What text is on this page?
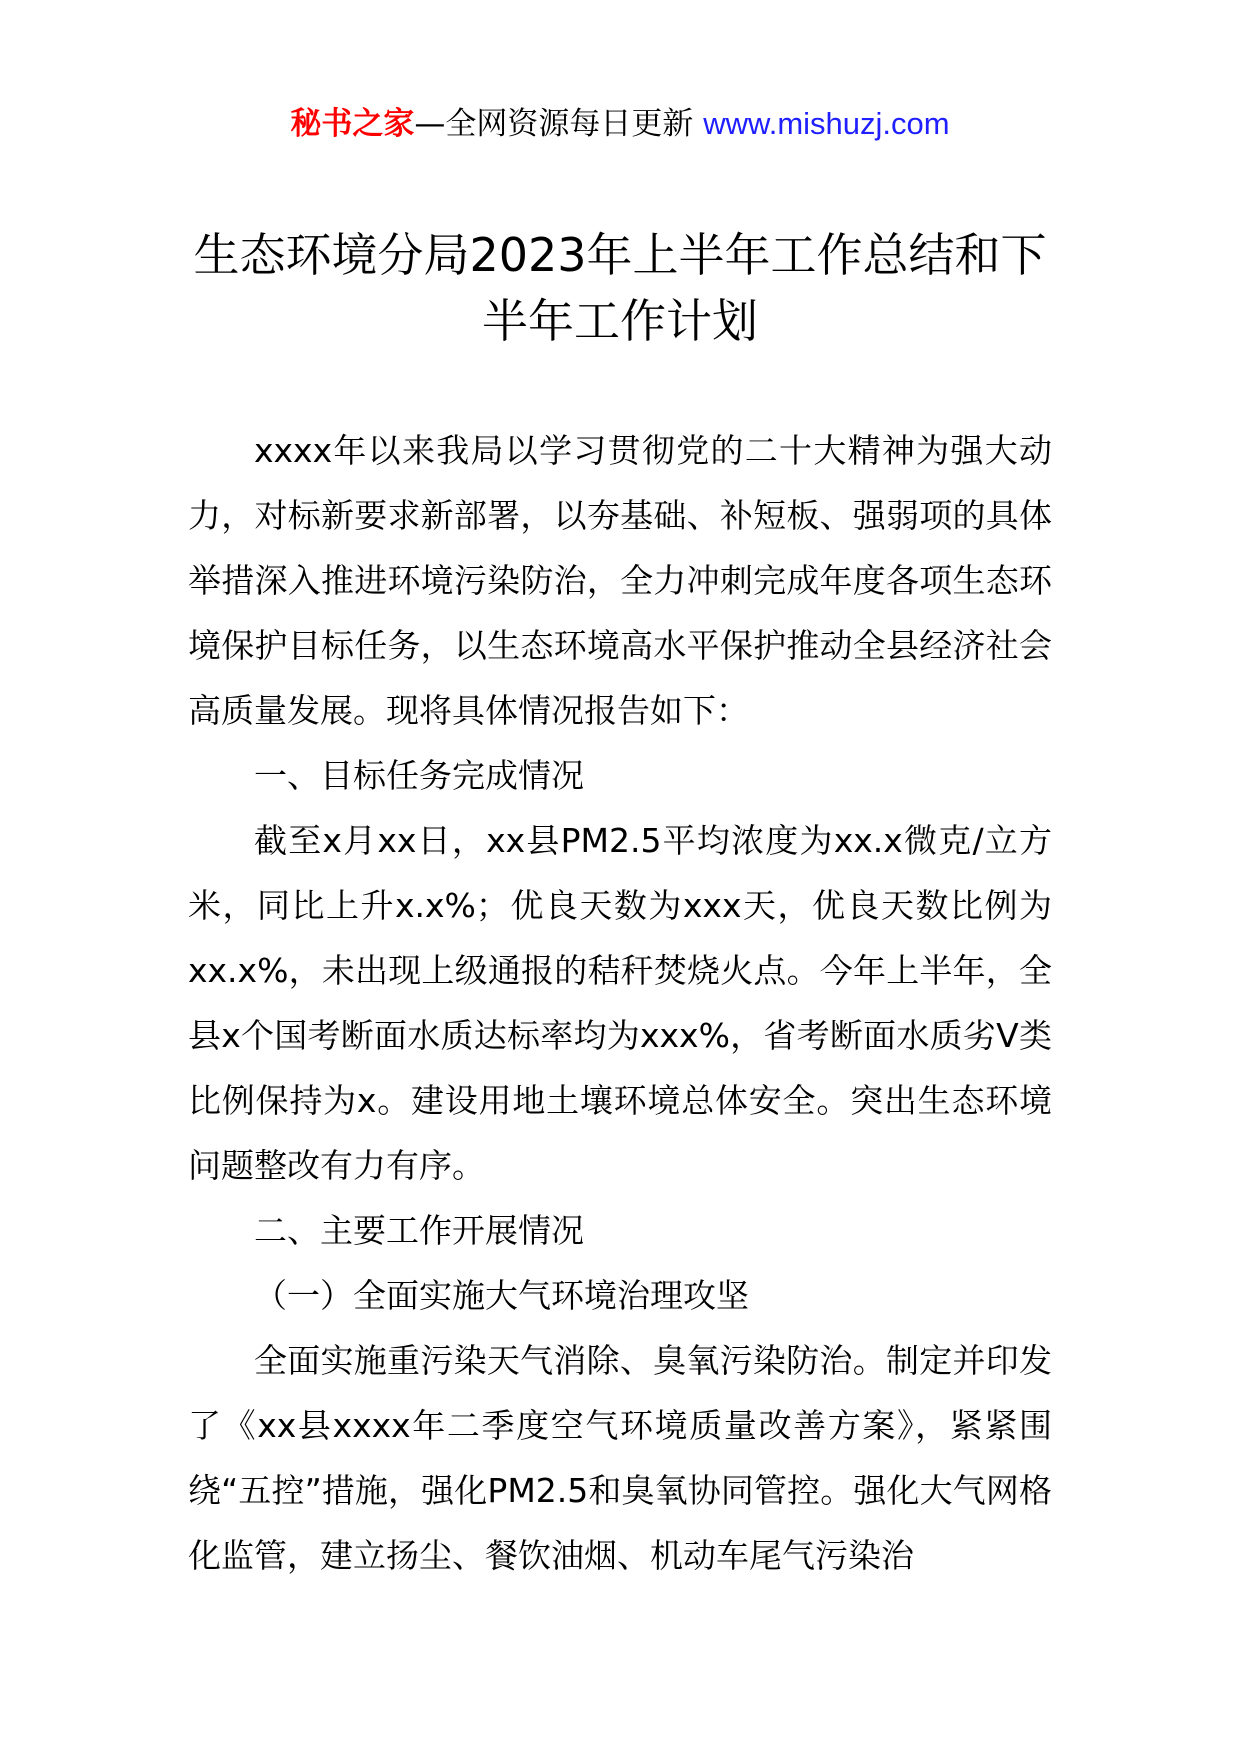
秘书之家—全网资源每日更新 www.mishuzj.com
生态环境分局2023年上半年工作总结和下半年工作计划

xxxx年以来我局以学习贯彻党的二十大精神为强大动力，对标新要求新部署，以夯基础、补短板、强弱项的具体举措深入推进环境污染防治，全力冲刺完成年度各项生态环境保护目标任务，以生态环境高水平保护推动全县经济社会高质量发展。现将具体情况报告如下：

一、目标任务完成情况

截至x月xx日，xx县PM2.5平均浓度为xx.x微克/立方米，同比上升x.x%；优良天数为xxx天，优良天数比例为xx.x%，未出现上级通报的秸秆焚烧火点。今年上半年，全县x个国考断面水质达标率均为xxx%，省考断面水质劣V类比例保持为x。建设用地土壤环境总体安全。突出生态环境问题整改有力有序。

二、主要工作开展情况

（一）全面实施大气环境治理攻坚

全面实施重污染天气消除、臭氧污染防治。制定并印发了《xx县xxxx年二季度空气环境质量改善方案》，紧紧围绕“五控”措施，强化PM2.5和臭氧协同管控。强化大气网格化监管，建立扬尘、餐饮油烟、机动车尾气污染治
